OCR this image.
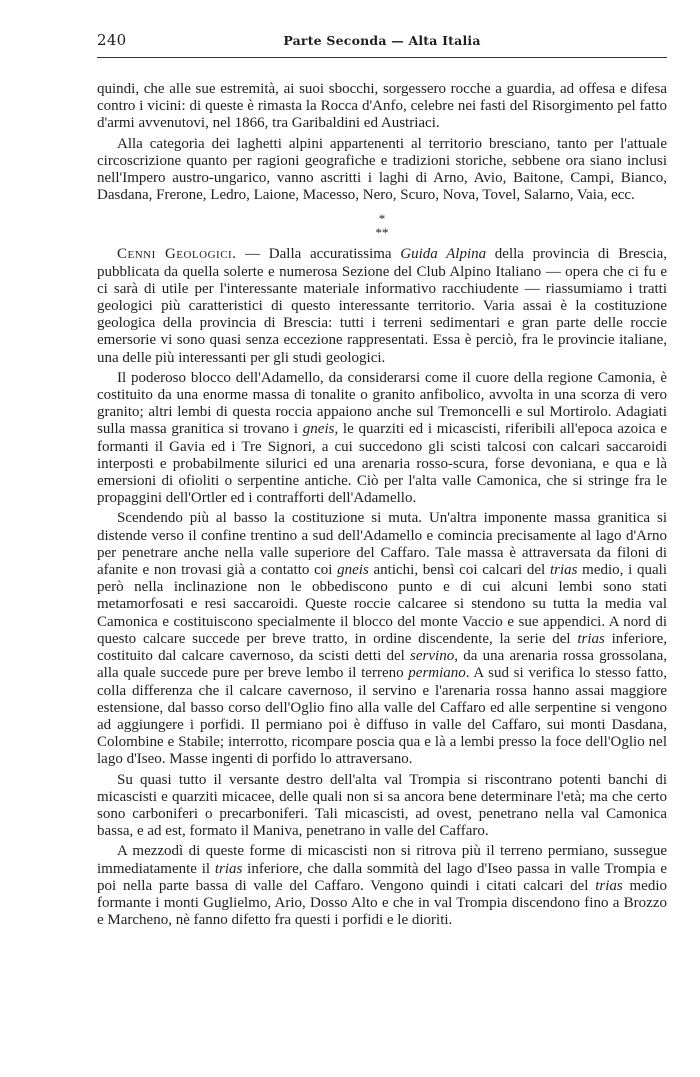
240	Parte Seconda — Alta Italia

quindi, che alle sue estremità, ai suoi sbocchi, sorgessero rocche a guardia, ad offesa e difesa contro i vicini: di queste è rimasta la Rocca d'Anfo, celebre nei fasti del Risorgimento pel fatto d'armi avvenutovi, nel 1866, tra Garibaldini ed Austriaci.

Alla categoria dei laghetti alpini appartenenti al territorio bresciano, tanto per l'attuale circoscrizione quanto per ragioni geografiche e tradizioni storiche, sebbene ora siano inclusi nell'Impero austro-ungarico, vanno ascritti i laghi di Arno, Avio, Baitone, Campi, Bianco, Dasdana, Frerone, Ledro, Laione, Macesso, Nero, Scuro, Nova, Tovel, Salarno, Vaia, ecc.

*
**

Cenni Geologici. — Dalla accuratissima Guida Alpina della provincia di Brescia, pubblicata da quella solerte e numerosa Sezione del Club Alpino Italiano — opera che ci fu e ci sarà di utile per l'interessante materiale informativo racchiudente — riassumiamo i tratti geologici più caratteristici di questo interessante territorio. Varia assai è la costituzione geologica della provincia di Brescia: tutti i terreni sedimentari e gran parte delle roccie emersorie vi sono quasi senza eccezione rappresentati. Essa è perciò, fra le provincie italiane, una delle più interessanti per gli studi geologici.

Il poderoso blocco dell'Adamello, da considerarsi come il cuore della regione Camonia, è costituito da una enorme massa di tonalite o granito anfibolico, avvolta in una scorza di vero granito; altri lembi di questa roccia appaiono anche sul Tremoncelli e sul Mortirolo. Adagiati sulla massa granitica si trovano i gneis, le quarziti ed i micascisti, riferibili all'epoca azoica e formanti il Gavia ed i Tre Signori, a cui succedono gli scisti talcosi con calcari saccaroidi interposti e probabilmente silurici ed una arenaria rosso-scura, forse devoniana, e qua e là emersioni di ofioliti o serpentine antiche. Ciò per l'alta valle Camonica, che si stringe fra le propaggini dell'Ortler ed i contrafforti dell'Adamello.

Scendendo più al basso la costituzione si muta. Un'altra imponente massa granitica si distende verso il confine trentino a sud dell'Adamello e comincia precisamente al lago d'Arno per penetrare anche nella valle superiore del Caffaro. Tale massa è attraversata da filoni di afanite e non trovasi già a contatto coi gneis antichi, bensì coi calcari del trias medio, i quali però nella inclinazione non le obbediscono punto e di cui alcuni lembi sono stati metamorfosati e resi saccaroidi. Queste roccie calcaree si stendono su tutta la media val Camonica e costituiscono specialmente il blocco del monte Vaccio e sue appendici. A nord di questo calcare succede per breve tratto, in ordine discendente, la serie del trias inferiore, costituito dal calcare cavernoso, da scisti detti del servino, da una arenaria rossa grossolana, alla quale succede pure per breve lembo il terreno permiano. A sud si verifica lo stesso fatto, colla differenza che il calcare cavernoso, il servino e l'arenaria rossa hanno assai maggiore estensione, dal basso corso dell'Oglio fino alla valle del Caffaro ed alle serpentine si vengono ad aggiungere i porfidi. Il permiano poi è diffuso in valle del Caffaro, sui monti Dasdana, Colombine e Stabile; interrotto, ricompare poscia qua e là a lembi presso la foce dell'Oglio nel lago d'Iseo. Masse ingenti di porfido lo attraversano.

Su quasi tutto il versante destro dell'alta val Trompia si riscontrano potenti banchi di micascisti e quarziti micacee, delle quali non si sa ancora bene determinare l'età; ma che certo sono carboniferi o precarboniferi. Tali micascisti, ad ovest, penetrano nella val Camonica bassa, e ad est, formato il Maniva, penetrano in valle del Caffaro.

A mezzodì di queste forme di micascisti non si ritrova più il terreno permiano, sussegue immediatamente il trias inferiore, che dalla sommità del lago d'Iseo passa in valle Trompia e poi nella parte bassa di valle del Caffaro. Vengono quindi i citati calcari del trias medio formante i monti Guglielmo, Ario, Dosso Alto e che in val Trompia discendono fino a Brozzo e Marcheno, nè fanno difetto fra questi i porfidi e le dioriti.
